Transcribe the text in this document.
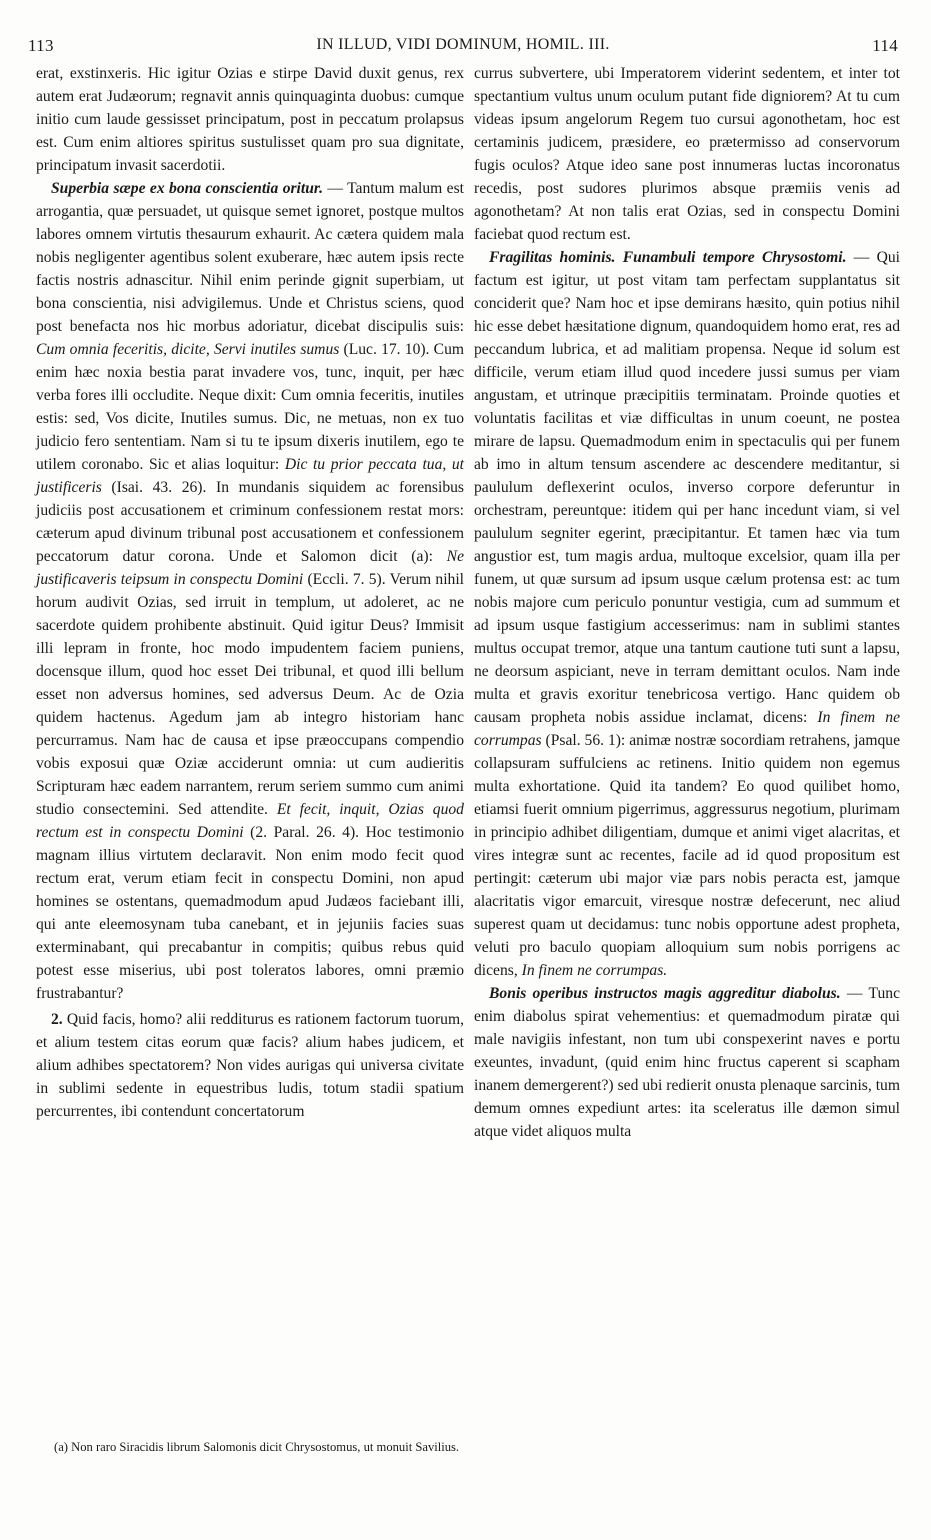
113	IN ILLUD, VIDI DOMINUM, HOMIL. III.	114

erat, exstinxeris. Hic igitur Ozias e stirpe David duxit genus, rex autem erat Judæorum; regnavit annis quinquaginta duobus: cumque initio cum laude gessisset principatum, post in peccatum prolapsus est. Cum enim altiores spiritus sustulisset quam pro sua dignitate, principatum invasit sacerdotii.

Superbia sæpe ex bona conscientia oritur. — Tantum malum est arrogantia, quæ persuadet, ut quisque semet ignoret, postque multos labores omnem virtutis thesaurum exhaurit. Ac cætera quidem mala nobis negligenter agentibus solent exuberare, hæc autem ipsis recte factis nostris adnascitur. Nihil enim perinde gignit superbiam, ut bona conscientia, nisi advigilemus. Unde et Christus sciens, quod post benefacta nos hic morbus adoriatur, dicebat discipulis suis: Cum omnia feceritis, dicite, Servi inutiles sumus (Luc. 17. 10). Cum enim hæc noxia bestia parat invadere vos, tunc, inquit, per hæc verba fores illi occludite. Neque dixit: Cum omnia feceritis, inutiles estis: sed, Vos dicite, Inutiles sumus. Dic, ne metuas, non ex tuo judicio fero sententiam. Nam si tu te ipsum dixeris inutilem, ego te utilem coronabo. Sic et alias loquitur: Dic tu prior peccata tua, ut justificeris (Isai. 43. 26). In mundanis siquidem ac forensibus judiciis post accusationem et criminum confessionem restat mors: cæterum apud divinum tribunal post accusationem et confessionem peccatorum datur corona. Unde et Salomon dicit (a): Ne justificaveris teipsum in conspectu Domini (Eccli. 7. 5). Verum nihil horum audivit Ozias, sed irruit in templum, ut adoleret, ac ne sacerdote quidem prohibente abstinuit. Quid igitur Deus? Immisit illi lepram in fronte, hoc modo impudentem faciem puniens, docensque illum, quod hoc esset Dei tribunal, et quod illi bellum esset non adversus homines, sed adversus Deum. Ac de Ozia quidem hactenus. Agedum jam ab integro historiam hanc percurramus. Nam hac de causa et ipse præoccupans compendio vobis exposui quæ Oziæ acciderunt omnia: ut cum audieritis Scripturam hæc eadem narrantem, rerum seriem summo cum animi studio consectemini. Sed attendite. Et fecit, inquit, Ozias quod rectum est in conspectu Domini (2. Paral. 26. 4). Hoc testimonio magnam illius virtutem declaravit. Non enim modo fecit quod rectum erat, verum etiam fecit in conspectu Domini, non apud homines se ostentans, quemadmodum apud Judæos faciebant illi, qui ante eleemosynam tuba canebant, et in jejuniis facies suas exterminabant, qui precabantur in compitis; quibus rebus quid potest esse miserius, ubi post toleratos labores, omni præmio frustrabantur?

2. Quid facis, homo? alii redditurus es rationem factorum tuorum, et alium testem citas eorum quæ facis? alium habes judicem, et alium adhibes spectatorem? Non vides aurigas qui universa civitate in sublimi sedente in equestribus ludis, totum stadii spatium percurrentes, ibi contendunt concertatorum

currus subvertere, ubi Imperatorem viderint sedentem, et inter tot spectantium vultus unum oculum putant fide digniorem? At tu cum videas ipsum angelorum Regem tuo cursui agonothetam, hoc est certaminis judicem, præsidere, eo prætermisso ad conservorum fugis oculos? Atque ideo sane post innumeras luctas incoronatus recedis, post sudores plurimos absque præmiis venis ad agonothetam? At non talis erat Ozias, sed in conspectu Domini faciebat quod rectum est.

Fragilitas hominis. Funambuli tempore Chrysostomi. — Qui factum est igitur, ut post vitam tam perfectam supplantatus sit conciderit que? Nam hoc et ipse demirans hæsito, quin potius nihil hic esse debet hæsitatione dignum, quandoquidem homo erat, res ad peccandum lubrica, et ad malitiam propensa. Neque id solum est difficile, verum etiam illud quod incedere jussi sumus per viam angustam, et utrinque præcipitiis terminatam. Proinde quoties et voluntatis facilitas et viæ difficultas in unum coeunt, ne postea mirare de lapsu. Quemadmodum enim in spectaculis qui per funem ab imo in altum tensum ascendere ac descendere meditantur, si paululum deflexerint oculos, inverso corpore deferuntur in orchestram, pereuntque: itidem qui per hanc incedunt viam, si vel paululum segniter egerint, præcipitantur. Et tamen hæc via tum angustior est, tum magis ardua, multoque excelsior, quam illa per funem, ut quæ sursum ad ipsum usque cælum protensa est: ac tum nobis majore cum periculo ponuntur vestigia, cum ad summum et ad ipsum usque fastigium accesserimus: nam in sublimi stantes multus occupat tremor, atque una tantum cautione tuti sunt a lapsu, ne deorsum aspiciant, neve in terram demittant oculos. Nam inde multa et gravis exoritur tenebricosa vertigo. Hanc quidem ob causam propheta nobis assidue inclamat, dicens: In finem ne corrumpas (Psal. 56. 1): animæ nostræ socordiam retrahens, jamque collapsuram suffulciens ac retinens. Initio quidem non egemus multa exhortatione. Quid ita tandem? Eo quod quilibet homo, etiamsi fuerit omnium pigerrimus, aggressurus negotium, plurimam in principio adhibet diligentiam, dumque et animi viget alacritas, et vires integræ sunt ac recentes, facile ad id quod propositum est pertingit: cæterum ubi major viæ pars nobis peracta est, jamque alacritatis vigor emarcuit, viresque nostræ defecerunt, nec aliud superest quam ut decidamus: tunc nobis opportune adest propheta, veluti pro baculo quopiam alloquium sum nobis porrigens ac dicens, In finem ne corrumpas.

Bonis operibus instructos magis aggreditur diabolus. — Tunc enim diabolus spirat vehementius: et quemadmodum piratæ qui male navigiis infestant, non tum ubi conspexerint naves e portu exeuntes, invadunt, (quid enim hinc fructus caperent si scapham inanem demergerent?) sed ubi redierit onusta plenaque sarcinis, tum demum omnes expediunt artes: ita sceleratus ille dæmon simul atque videt aliquos multa

(a) Non raro Siracidis librum Salomonis dicit Chrysostomus, ut monuit Savilius.
